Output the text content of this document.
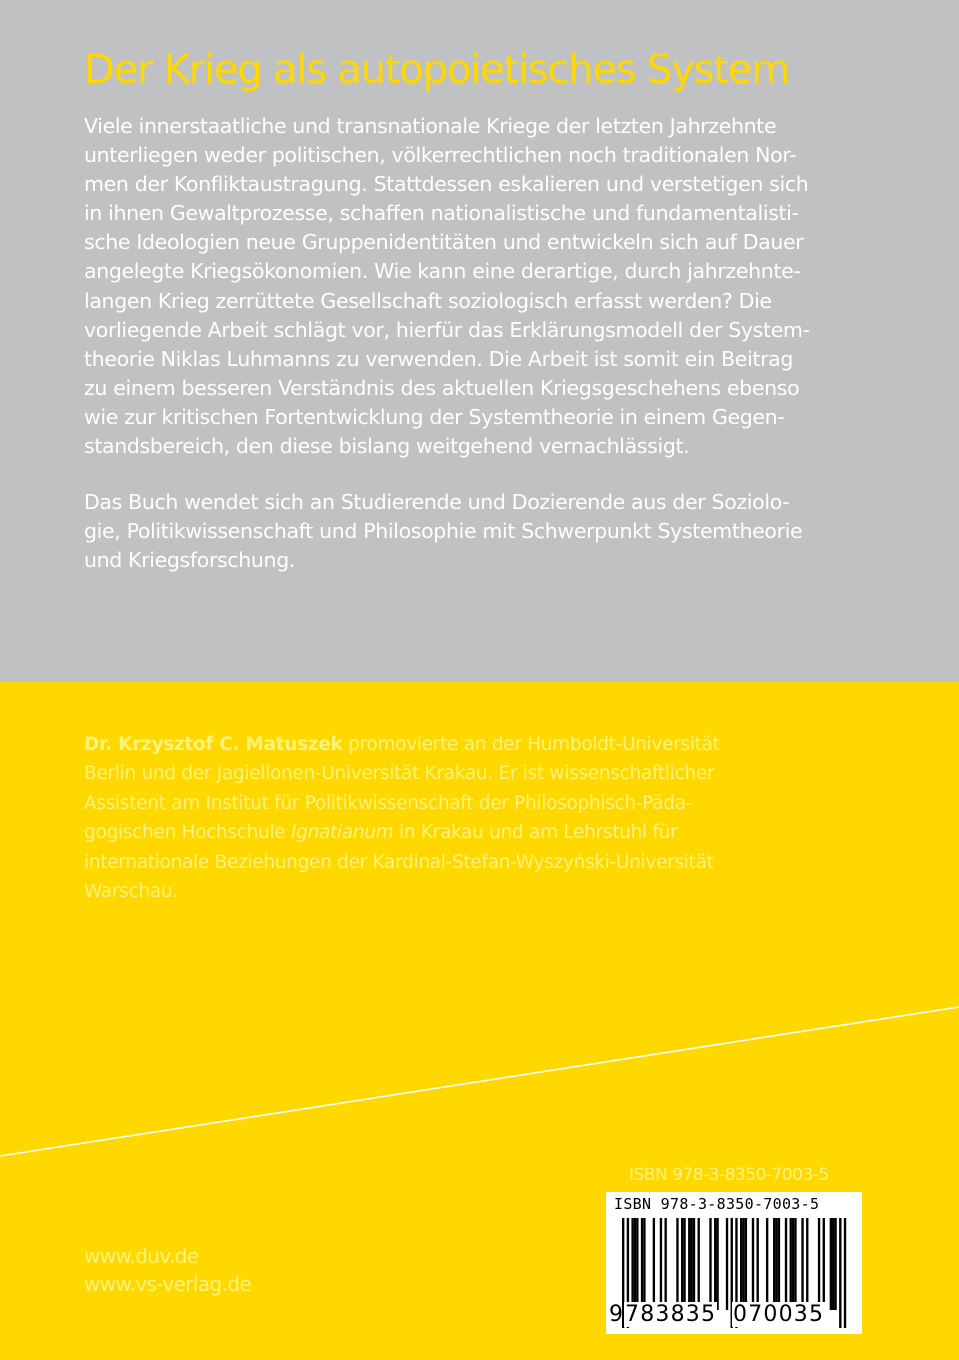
Der Krieg als autopoietisches System
Viele innerstaatliche und transnationale Kriege der letzten Jahrzehnte
unterliegen weder politischen, völkerrechtlichen noch traditionalen Nor-
men der Konfliktaustragung. Stattdessen eskalieren und verstetigen sich
in ihnen Gewaltprozesse, schaffen nationalistische und fundamentalisti-
sche Ideologien neue Gruppenidentitäten und entwickeln sich auf Dauer
angelegte Kriegsökonomien. Wie kann eine derartige, durch jahrzehnte-
langen Krieg zerrüttete Gesellschaft soziologisch erfasst werden? Die
vorliegende Arbeit schlägt vor, hierfür das Erklärungsmodell der System-
theorie Niklas Luhmanns zu verwenden. Die Arbeit ist somit ein Beitrag
zu einem besseren Verständnis des aktuellen Kriegsgeschehens ebenso
wie zur kritischen Fortentwicklung der Systemtheorie in einem Gegen-
standsbereich, den diese bislang weitgehend vernachlässigt.
Das Buch wendet sich an Studierende und Dozierende aus der Soziolo-
gie, Politikwissenschaft und Philosophie mit Schwerpunkt Systemtheorie
und Kriegsforschung.
Dr. Krzysztof C. Matuszek promovierte an der Humboldt-Universität
Berlin und der Jagiellonen-Universität Krakau. Er ist wissenschaftlicher
Assistent am Institut für Politikwissenschaft der Philosophisch-Päda-
gogischen Hochschule Ignatianum in Krakau und am Lehrstuhl für
internationale Beziehungen der Kardinal-Stefan-Wyszyński-Universität
Warschau.

ISBN 978-3-8350-7003-5

www.duv.de
www.vs-verlag.de

ISBN 978-3-8350-7003-5

9 783835 070035
